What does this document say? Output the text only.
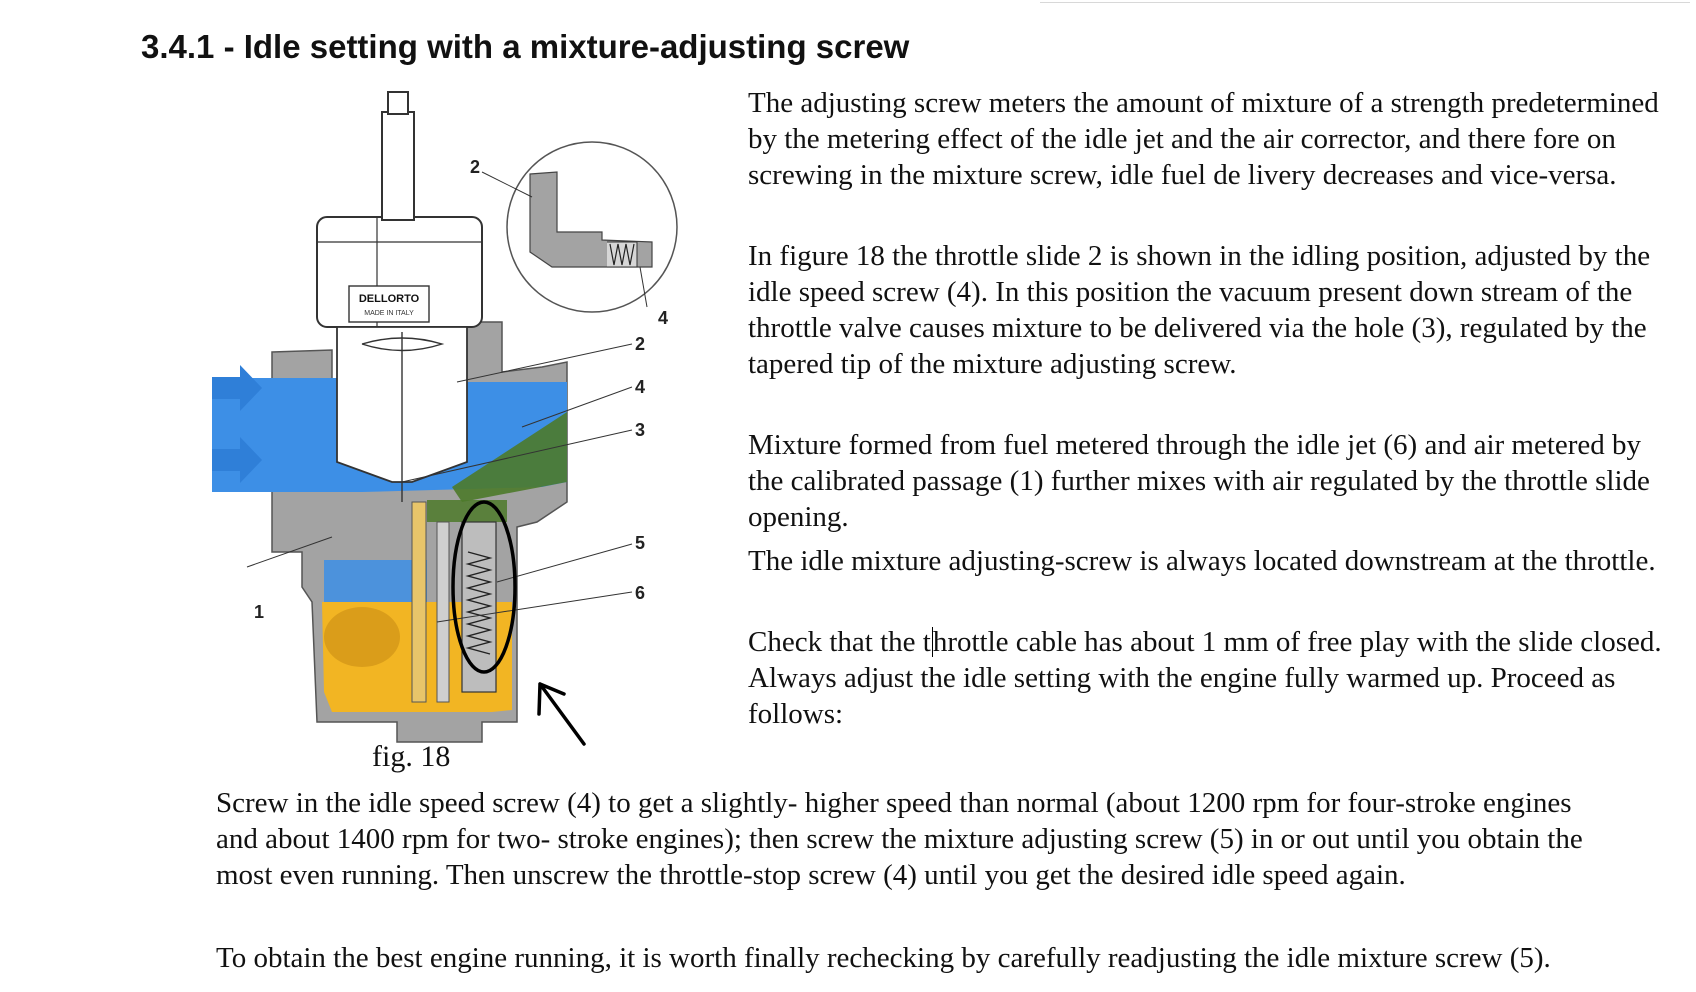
3.4.1 - Idle setting with a mixture-adjusting screw
DELLORTO
MADE IN ITALY
2
4
2
4
3
5
6
1
fig. 18

The adjusting screw meters the amount of mixture of a strength predetermined by the metering effect of the idle jet and the air corrector, and there fore on screwing in the mixture screw, idle fuel de livery decreases and vice-versa.

In figure 18 the throttle slide 2 is shown in the idling position, adjusted by the idle speed screw (4). In this position the vacuum present down stream of the throttle valve causes mixture to be delivered via the hole (3), regulated by the tapered tip of the mixture adjusting screw.

Mixture formed from fuel metered through the idle jet (6) and air metered by the calibrated passage (1) further mixes with air regulated by the throttle slide opening.

The idle mixture adjusting-screw is always located downstream at the throttle.

Check that the throttle cable has about 1 mm of free play with the slide closed. Always adjust the idle setting with the engine fully warmed up. Proceed as follows:

Screw in the idle speed screw (4) to get a slightly- higher speed than normal (about 1200 rpm for four-stroke engines and about 1400 rpm for two- stroke engines); then screw the mixture adjusting screw (5) in or out until you obtain the most even running. Then unscrew the throttle-stop screw (4) until you get the desired idle speed again.

To obtain the best engine running, it is worth finally rechecking by carefully readjusting the idle mixture screw (5).
